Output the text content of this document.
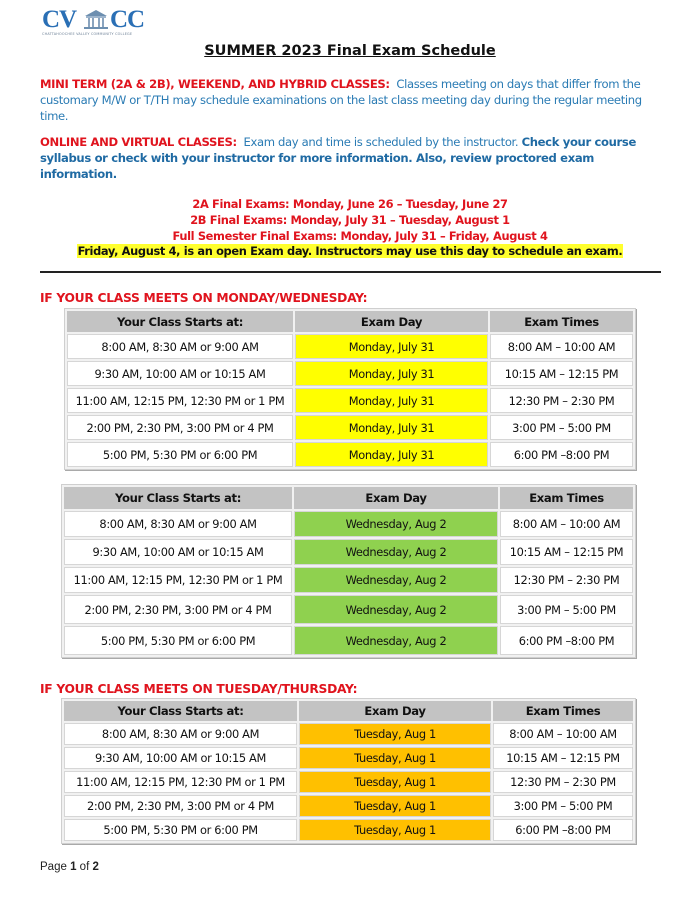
CV CC
CHATTAHOOCHEE VALLEY COMMUNITY COLLEGE
SUMMER 2023 Final Exam Schedule
MINI TERM (2A & 2B), WEEKEND, AND HYBRID CLASSES: Classes meeting on days that differ from the customary M/W or T/TH may schedule examinations on the last class meeting day during the regular meeting time.
ONLINE AND VIRTUAL CLASSES: Exam day and time is scheduled by the instructor. Check your course syllabus or check with your instructor for more information. Also, review proctored exam information.
2A Final Exams: Monday, June 26 – Tuesday, June 27
2B Final Exams: Monday, July 31 – Tuesday, August 1
Full Semester Final Exams: Monday, July 31 – Friday, August 4
Friday, August 4, is an open Exam day. Instructors may use this day to schedule an exam.
IF YOUR CLASS MEETS ON MONDAY/WEDNESDAY:
Your Class Starts at:	Exam Day	Exam Times
8:00 AM, 8:30 AM or 9:00 AM	Monday, July 31	8:00 AM – 10:00 AM
9:30 AM, 10:00 AM or 10:15 AM	Monday, July 31	10:15 AM – 12:15 PM
11:00 AM, 12:15 PM, 12:30 PM or 1 PM	Monday, July 31	12:30 PM – 2:30 PM
2:00 PM, 2:30 PM, 3:00 PM or 4 PM	Monday, July 31	3:00 PM – 5:00 PM
5:00 PM, 5:30 PM or 6:00 PM	Monday, July 31	6:00 PM –8:00 PM
Your Class Starts at:	Exam Day	Exam Times
8:00 AM, 8:30 AM or 9:00 AM	Wednesday, Aug 2	8:00 AM – 10:00 AM
9:30 AM, 10:00 AM or 10:15 AM	Wednesday, Aug 2	10:15 AM – 12:15 PM
11:00 AM, 12:15 PM, 12:30 PM or 1 PM	Wednesday, Aug 2	12:30 PM – 2:30 PM
2:00 PM, 2:30 PM, 3:00 PM or 4 PM	Wednesday, Aug 2	3:00 PM – 5:00 PM
5:00 PM, 5:30 PM or 6:00 PM	Wednesday, Aug 2	6:00 PM –8:00 PM
IF YOUR CLASS MEETS ON TUESDAY/THURSDAY:
Your Class Starts at:	Exam Day	Exam Times
8:00 AM, 8:30 AM or 9:00 AM	Tuesday, Aug 1	8:00 AM – 10:00 AM
9:30 AM, 10:00 AM or 10:15 AM	Tuesday, Aug 1	10:15 AM – 12:15 PM
11:00 AM, 12:15 PM, 12:30 PM or 1 PM	Tuesday, Aug 1	12:30 PM – 2:30 PM
2:00 PM, 2:30 PM, 3:00 PM or 4 PM	Tuesday, Aug 1	3:00 PM – 5:00 PM
5:00 PM, 5:30 PM or 6:00 PM	Tuesday, Aug 1	6:00 PM –8:00 PM
Page 1 of 2
